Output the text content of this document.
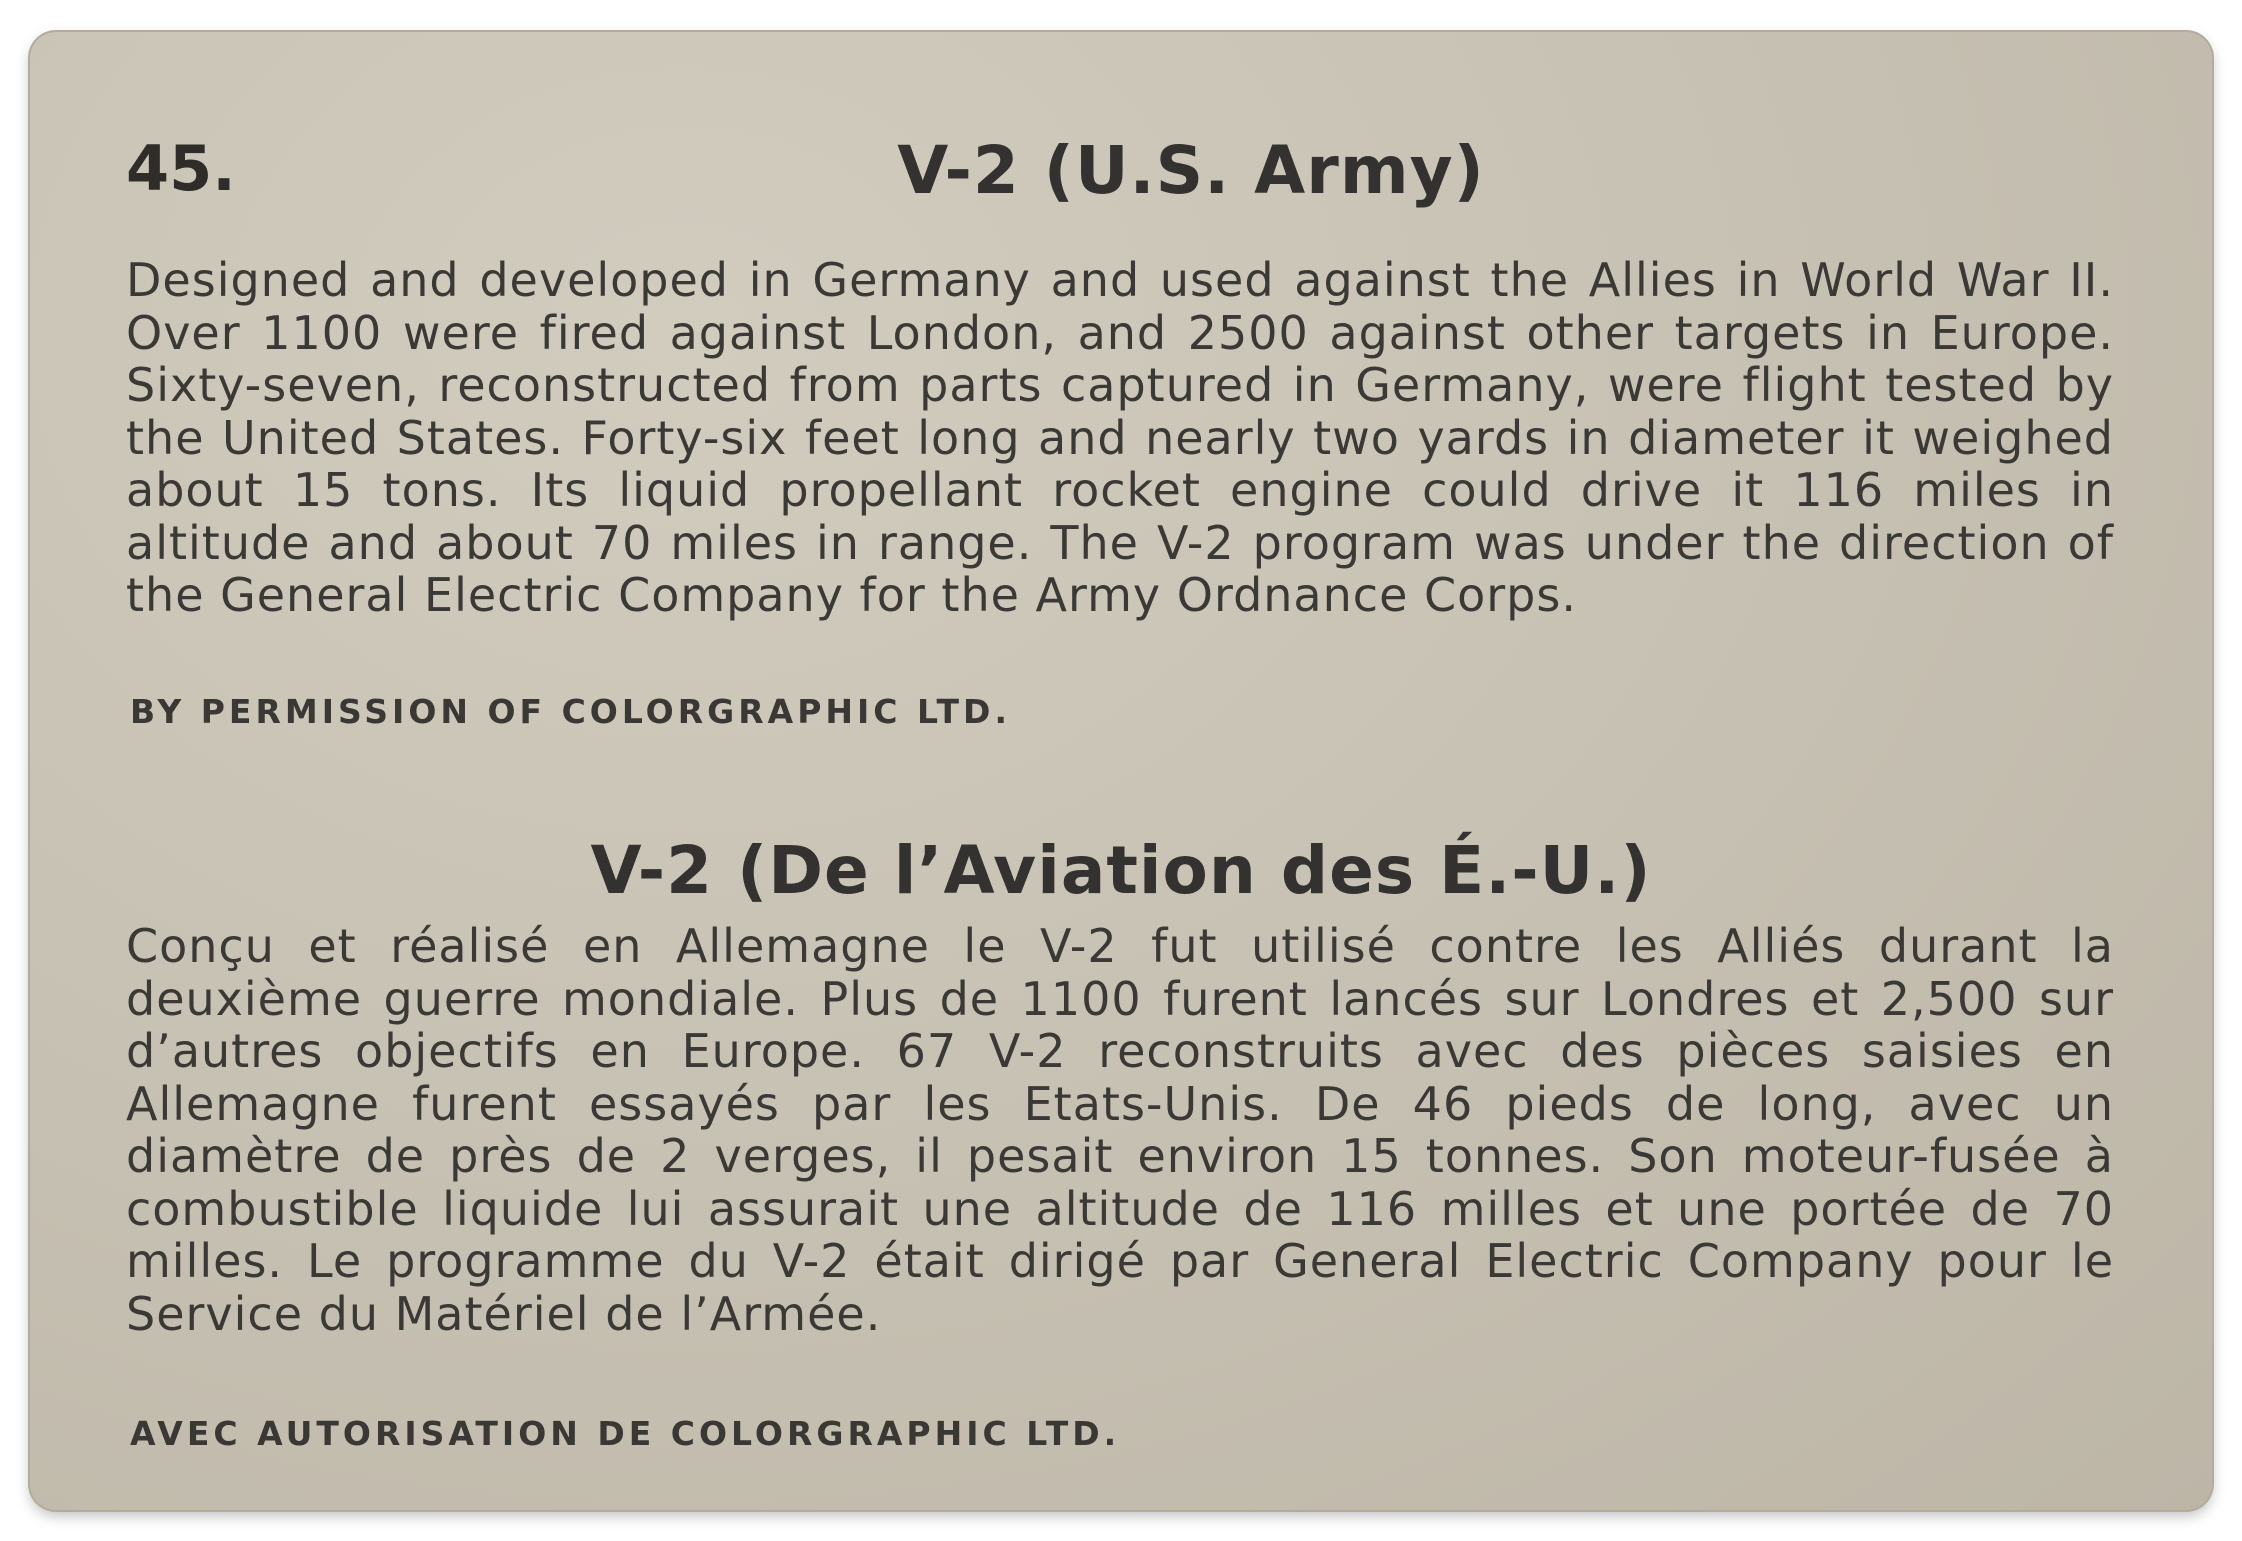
45.	V-2 (U.S. Army)
Designed and developed in Germany and used against the Allies in World War II. Over 1100 were fired against London, and 2500 against other targets in Europe. Sixty-seven, reconstructed from parts captured in Germany, were flight tested by the United States. Forty-six feet long and nearly two yards in diameter it weighed about 15 tons. Its liquid propellant rocket engine could drive it 116 miles in altitude and about 70 miles in range. The V-2 program was under the direction of the General Electric Company for the Army Ordnance Corps.
BY PERMISSION OF COLORGRAPHIC LTD.
V-2 (De l’Aviation des É.-U.)
Conçu et réalisé en Allemagne le V-2 fut utilisé contre les Alliés durant la deuxième guerre mondiale. Plus de 1100 furent lancés sur Londres et 2,500 sur d’autres objectifs en Europe. 67 V-2 reconstruits avec des pièces saisies en Allemagne furent essayés par les Etats-Unis. De 46 pieds de long, avec un diamètre de près de 2 verges, il pesait environ 15 tonnes. Son moteur-fusée à combustible liquide lui assurait une altitude de 116 milles et une portée de 70 milles. Le programme du V-2 était dirigé par General Electric Company pour le Service du Matériel de l’Armée.
AVEC AUTORISATION DE COLORGRAPHIC LTD.
